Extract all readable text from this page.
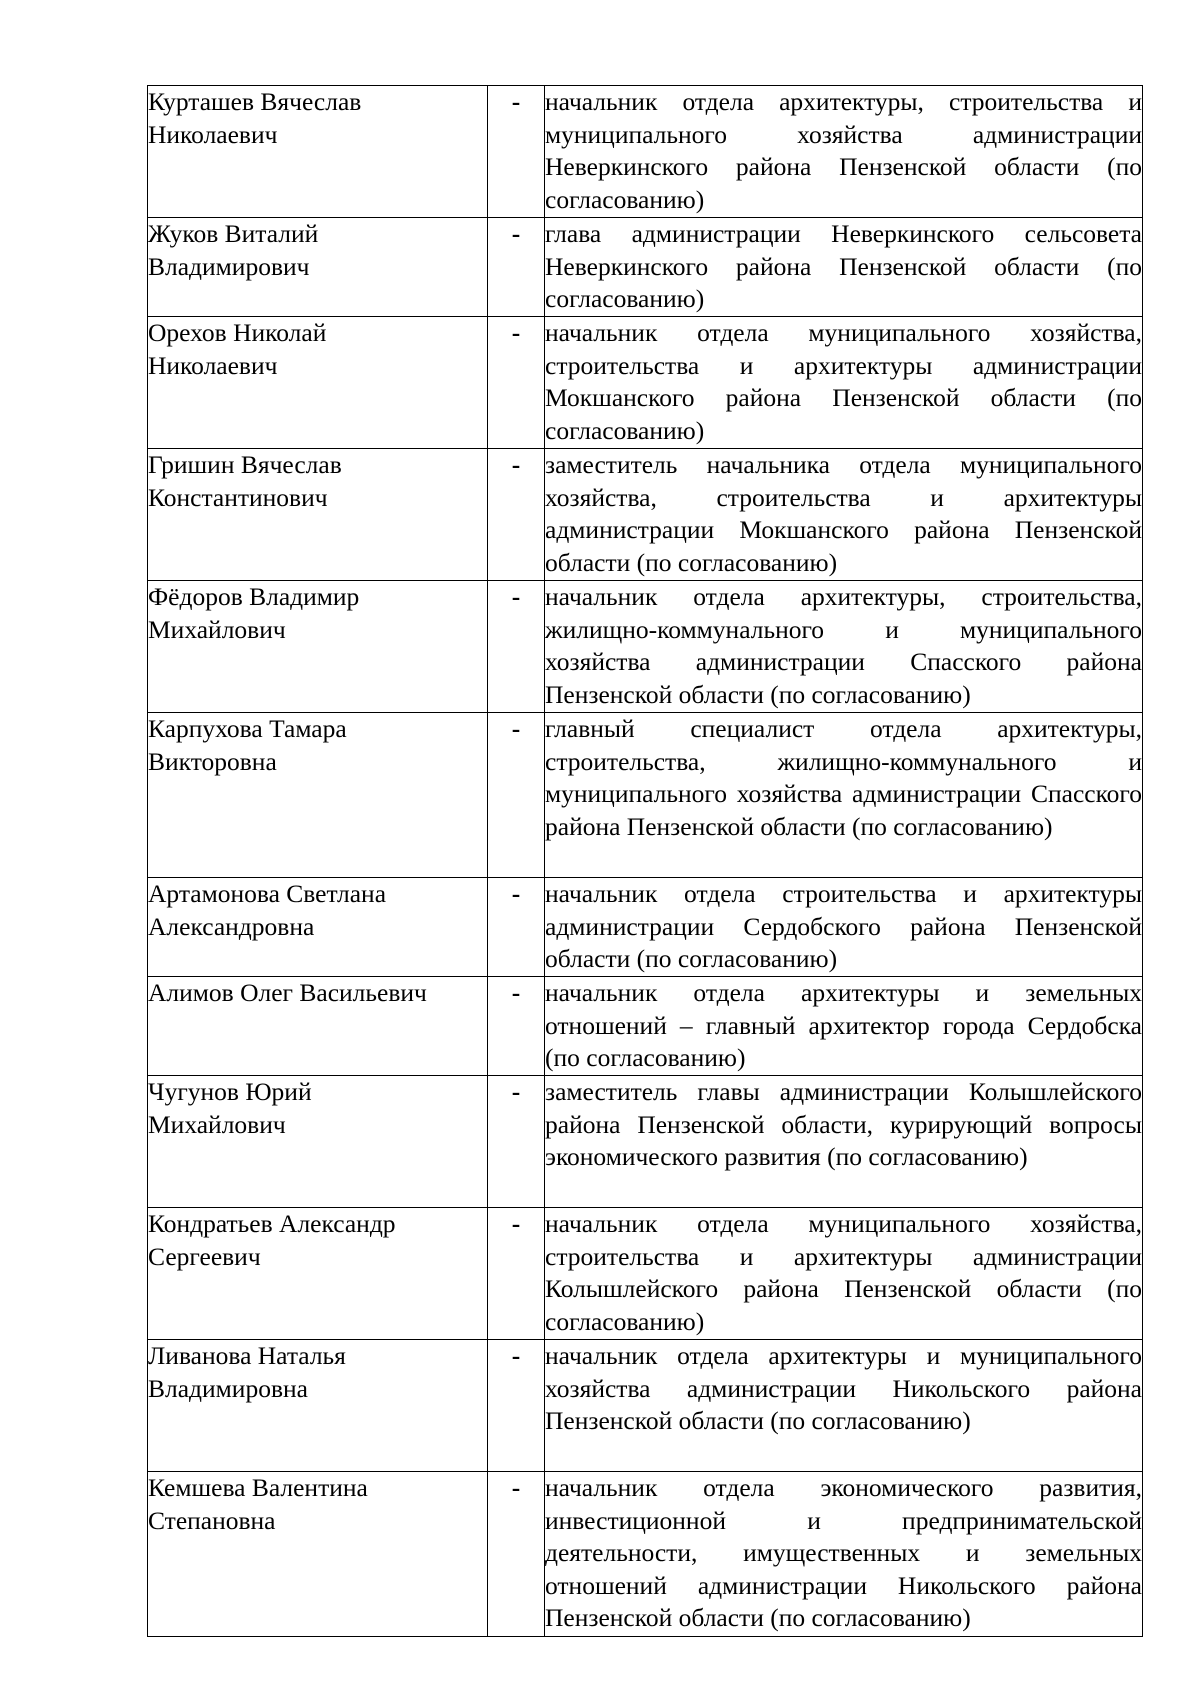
Курташев Вячеслав
Николаевич	-	начальник отдела архитектуры, строительства и муниципального хозяйства администрации Неверкинского района Пензенской области (по согласованию)

Жуков Виталий
Владимирович	-	глава администрации Неверкинского сельсовета Неверкинского района Пензенской области (по согласованию)

Орехов Николай
Николаевич	-	начальник отдела муниципального хозяйства, строительства и архитектуры администрации Мокшанского района Пензенской области (по согласованию)

Гришин Вячеслав
Константинович	-	заместитель начальника отдела муниципального хозяйства, строительства и архитектуры администрации Мокшанского района Пензенской области (по согласованию)

Фёдоров Владимир
Михайлович	-	начальник отдела архитектуры, строительства, жилищно-коммунального и муниципального хозяйства администрации Спасского района Пензенской области (по согласованию)

Карпухова Тамара
Викторовна	-	главный специалист отдела архитектуры, строительства, жилищно-коммунального и муниципального хозяйства администрации Спасского района Пензенской области (по согласованию)

Артамонова Светлана
Александровна	-	начальник отдела строительства и архитектуры администрации Сердобского района Пензенской области (по согласованию)

Алимов Олег Васильевич	-	начальник отдела архитектуры и земельных отношений – главный архитектор города Сердобска (по согласованию)

Чугунов Юрий
Михайлович	-	заместитель главы администрации Колышлейского района Пензенской области, курирующий вопросы экономического развития (по согласованию)

Кондратьев Александр
Сергеевич	-	начальник отдела муниципального хозяйства, строительства и архитектуры администрации Колышлейского района Пензенской области (по согласованию)

Ливанова Наталья
Владимировна	-	начальник отдела архитектуры и муниципального хозяйства администрации Никольского района Пензенской области (по согласованию)

Кемшева Валентина
Степановна	-	начальник отдела экономического развития, инвестиционной и предпринимательской деятельности, имущественных и земельных отношений администрации Никольского района Пензенской области (по согласованию)
